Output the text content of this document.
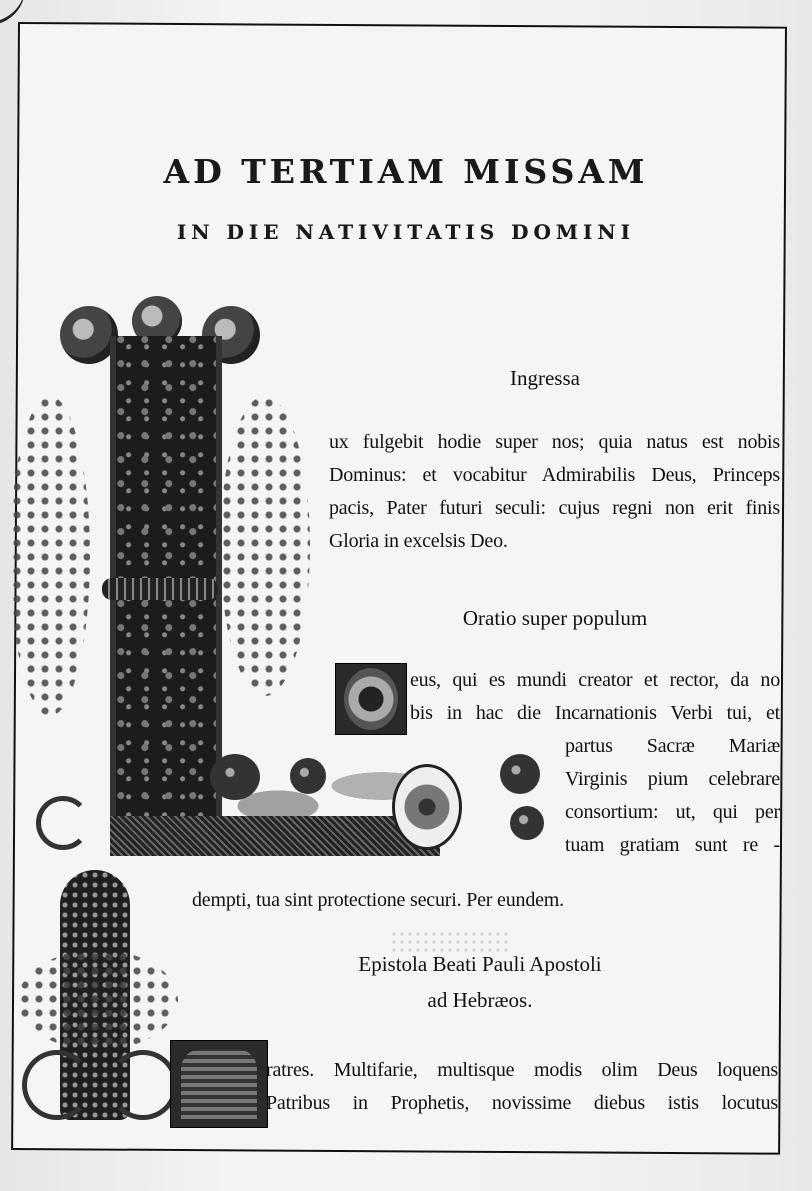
AD TERTIAM MISSAM
IN DIE NATIVITATIS DOMINI
Ingressa
ux fulgebit hodie super nos; quia natus est nobis
Dominus: et vocabitur Admirabilis Deus, Princeps
pacis, Pater futuri seculi: cujus regni non erit finis
Gloria in excelsis Deo.
Oratio super populum
eus, qui es mundi creator et rector, da no
bis in hac die Incarnationis Verbi tui, et
partus Sacræ Mariæ
Virginis pium celebrare
consortium: ut, qui per
tuam gratiam sunt re -
dempti, tua sint protectione securi. Per eundem.
Epistola Beati Pauli Apostoli
ad Hebræos.
ratres. Multifarie, multisque modis olim Deus loquens
Patribus in Prophetis, novissime diebus istis locutus
